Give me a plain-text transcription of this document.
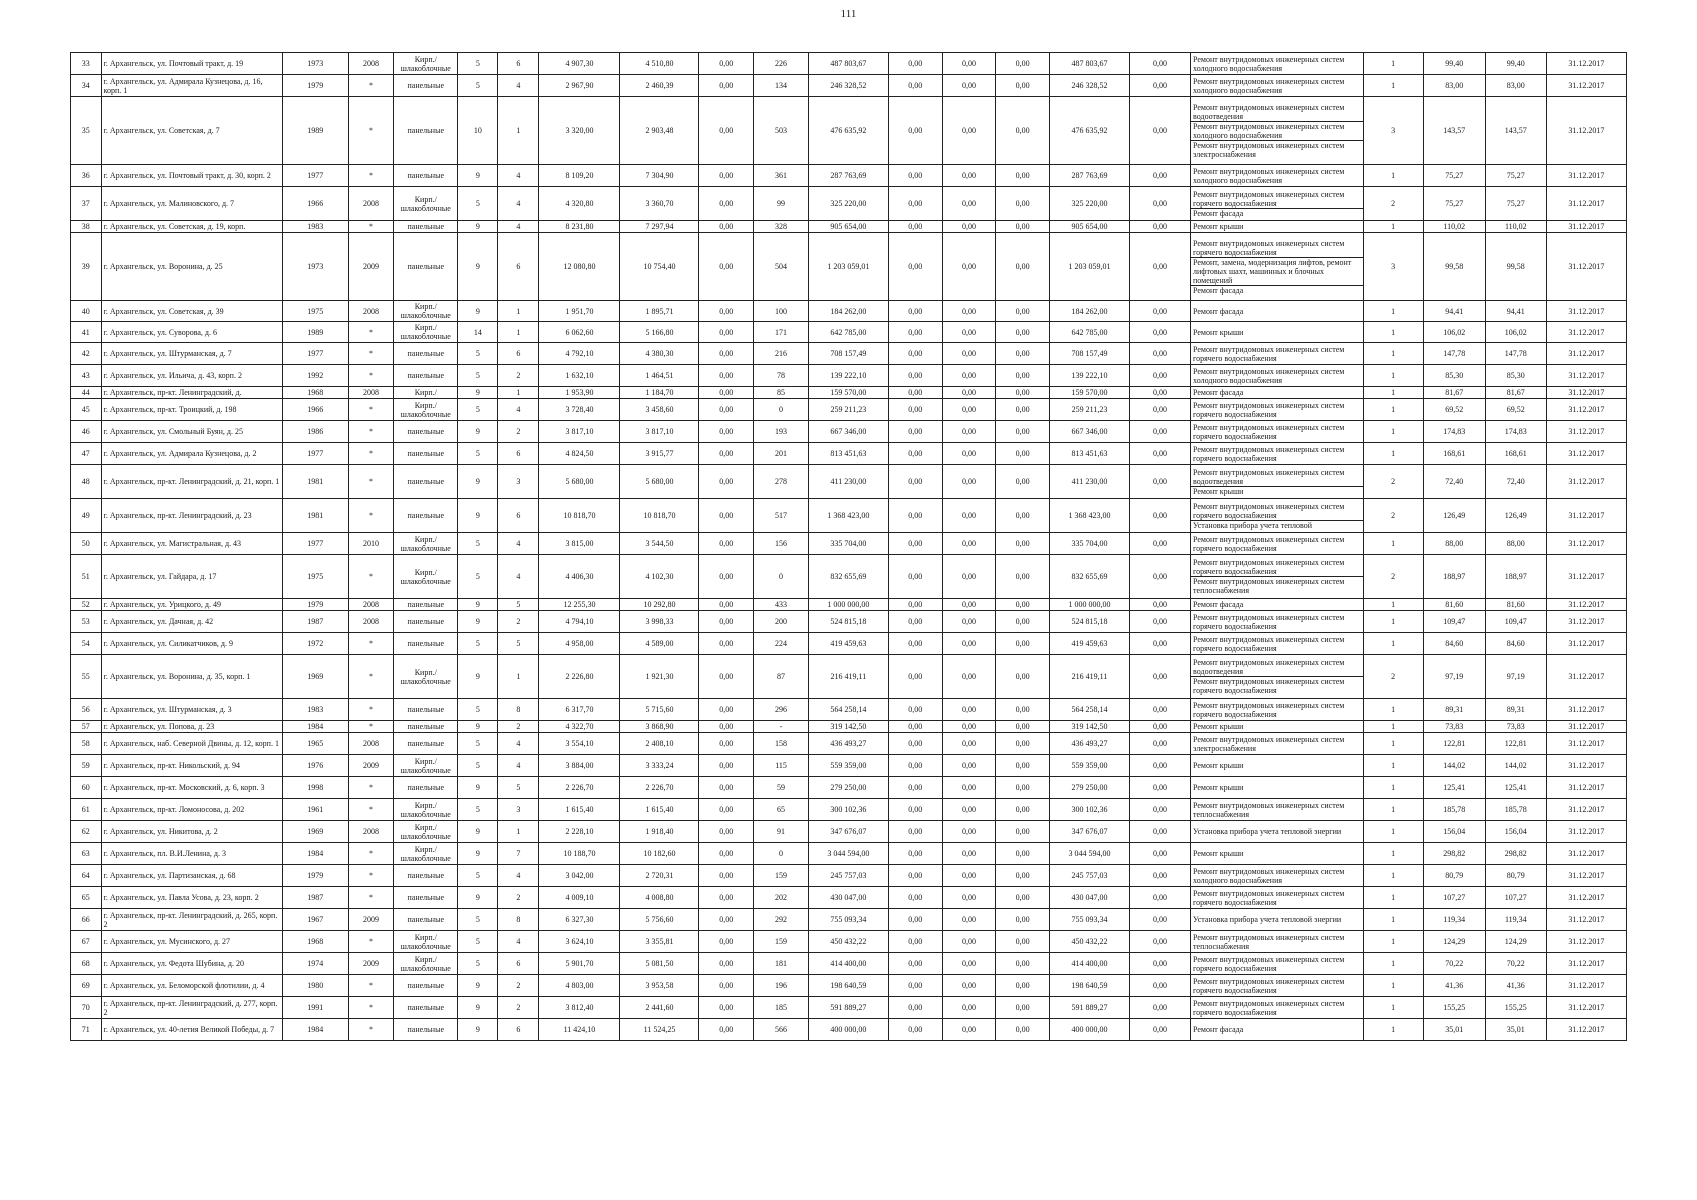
111
33	г. Архангельск, ул. Почтовый тракт, д. 19	1973	2008	Кирп./ шлакоблочные	5	6	4 907,30	4 510,80	0,00	226	487 803,67	0,00	0,00	0,00	487 803,67	0,00	Ремонт внутридомовых инженерных систем холодного водоснабжения	1	99,40	99,40	31.12.2017
34	г. Архангельск, ул. Адмирала Кузнецова, д. 16, корп. 1	1979	*	панельные	5	4	2 967,90	2 460,39	0,00	134	246 328,52	0,00	0,00	0,00	246 328,52	0,00	Ремонт внутридомовых инженерных систем холодного водоснабжения	1	83,00	83,00	31.12.2017
35	г. Архангельск, ул. Советская, д. 7	1989	*	панельные	10	1	3 320,00	2 903,48	0,00	503	476 635,92	0,00	0,00	0,00	476 635,92	0,00	Ремонт внутридомовых инженерных систем водоотведения
Ремонт внутридомовых инженерных систем холодного водоснабжения
Ремонт внутридомовых инженерных систем электроснабжения	3	143,57	143,57	31.12.2017
36	г. Архангельск, ул. Почтовый тракт, д. 30, корп. 2	1977	*	панельные	9	4	8 109,20	7 304,90	0,00	361	287 763,69	0,00	0,00	0,00	287 763,69	0,00	Ремонт внутридомовых инженерных систем холодного водоснабжения	1	75,27	75,27	31.12.2017
37	г. Архангельск, ул. Малиновского, д. 7	1966	2008	Кирп./ шлакоблочные	5	4	4 320,80	3 360,70	0,00	99	325 220,00	0,00	0,00	0,00	325 220,00	0,00	Ремонт внутридомовых инженерных систем горячего водоснабжения
Ремонт фасада	2	75,27	75,27	31.12.2017
38	г. Архангельск, ул. Советская, д. 19, корп.	1983	*	панельные	9	4	8 231,80	7 297,94	0,00	328	905 654,00	0,00	0,00	0,00	905 654,00	0,00	Ремонт крыши	1	110,02	110,02	31.12.2017
39	г. Архангельск, ул. Воронина, д. 25	1973	2009	панельные	9	6	12 080,80	10 754,40	0,00	504	1 203 059,01	0,00	0,00	0,00	1 203 059,01	0,00	Ремонт внутридомовых инженерных систем горячего водоснабжения
Ремонт, замена, модернизация лифтов, ремонт лифтовых шахт, машинных и блочных помещений
Ремонт фасада	3	99,58	99,58	31.12.2017
40	г. Архангельск, ул. Советская, д. 39	1975	2008	Кирп./ шлакоблочные	9	1	1 951,70	1 895,71	0,00	100	184 262,00	0,00	0,00	0,00	184 262,00	0,00	Ремонт фасада	1	94,41	94,41	31.12.2017
41	г. Архангельск, ул. Суворова, д. 6	1989	*	Кирп./ шлакоблочные	14	1	6 062,60	5 166,80	0,00	171	642 785,00	0,00	0,00	0,00	642 785,00	0,00	Ремонт крыши	1	106,02	106,02	31.12.2017
42	г. Архангельск, ул. Штурманская, д. 7	1977	*	панельные	5	6	4 792,10	4 380,30	0,00	216	708 157,49	0,00	0,00	0,00	708 157,49	0,00	Ремонт внутридомовых инженерных систем горячего водоснабжения	1	147,78	147,78	31.12.2017
43	г. Архангельск, ул. Ильича, д. 43, корп. 2	1992	*	панельные	5	2	1 632,10	1 464,51	0,00	78	139 222,10	0,00	0,00	0,00	139 222,10	0,00	Ремонт внутридомовых инженерных систем холодного водоснабжения	1	85,30	85,30	31.12.2017
44	г. Архангельск, пр-кт. Ленинградский, д.	1968	2008	Кирп./	9	1	1 953,90	1 184,70	0,00	85	159 570,00	0,00	0,00	0,00	159 570,00	0,00	Ремонт фасада	1	81,67	81,67	31.12.2017
45	г. Архангельск, пр-кт. Троицкий, д. 198	1966	*	Кирп./ шлакоблочные	5	4	3 728,40	3 458,60	0,00	0	259 211,23	0,00	0,00	0,00	259 211,23	0,00	Ремонт внутридомовых инженерных систем горячего водоснабжения	1	69,52	69,52	31.12.2017
46	г. Архангельск, ул. Смольный Буян, д. 25	1986	*	панельные	9	2	3 817,10	3 817,10	0,00	193	667 346,00	0,00	0,00	0,00	667 346,00	0,00	Ремонт внутридомовых инженерных систем горячего водоснабжения	1	174,83	174,83	31.12.2017
47	г. Архангельск, ул. Адмирала Кузнецова, д. 2	1977	*	панельные	5	6	4 824,50	3 915,77	0,00	201	813 451,63	0,00	0,00	0,00	813 451,63	0,00	Ремонт внутридомовых инженерных систем горячего водоснабжения	1	168,61	168,61	31.12.2017
48	г. Архангельск, пр-кт. Ленинградский, д. 21, корп. 1	1981	*	панельные	9	3	5 680,00	5 680,00	0,00	278	411 230,00	0,00	0,00	0,00	411 230,00	0,00	Ремонт внутридомовых инженерных систем водоотведения
Ремонт крыши	2	72,40	72,40	31.12.2017
49	г. Архангельск, пр-кт. Ленинградский, д. 23	1981	*	панельные	9	6	10 818,70	10 818,70	0,00	517	1 368 423,00	0,00	0,00	0,00	1 368 423,00	0,00	Ремонт внутридомовых инженерных систем горячего водоснабжения
Установка прибора учета тепловой	2	126,49	126,49	31.12.2017
50	г. Архангельск, ул. Магистральная, д. 43	1977	2010	Кирп./ шлакоблочные	5	4	3 815,00	3 544,50	0,00	156	335 704,00	0,00	0,00	0,00	335 704,00	0,00	Ремонт внутридомовых инженерных систем горячего водоснабжения	1	88,00	88,00	31.12.2017
51	г. Архангельск, ул. Гайдара, д. 17	1975	*	Кирп./ шлакоблочные	5	4	4 406,30	4 102,30	0,00	0	832 655,69	0,00	0,00	0,00	832 655,69	0,00	Ремонт внутридомовых инженерных систем горячего водоснабжения
Ремонт внутридомовых инженерных систем теплоснабжения	2	188,97	188,97	31.12.2017
52	г. Архангельск, ул. Урицкого, д. 49	1979	2008	панельные	9	5	12 255,30	10 292,80	0,00	433	1 000 000,00	0,00	0,00	0,00	1 000 000,00	0,00	Ремонт фасада	1	81,60	81,60	31.12.2017
53	г. Архангельск, ул. Дачная, д. 42	1987	2008	панельные	9	2	4 794,10	3 998,33	0,00	200	524 815,18	0,00	0,00	0,00	524 815,18	0,00	Ремонт внутридомовых инженерных систем горячего водоснабжения	1	109,47	109,47	31.12.2017
54	г. Архангельск, ул. Силикатчиков, д. 9	1972	*	панельные	5	5	4 958,00	4 589,00	0,00	224	419 459,63	0,00	0,00	0,00	419 459,63	0,00	Ремонт внутридомовых инженерных систем горячего водоснабжения	1	84,60	84,60	31.12.2017
55	г. Архангельск, ул. Воронина, д. 35, корп. 1	1969	*	Кирп./ шлакоблочные	9	1	2 226,80	1 921,30	0,00	87	216 419,11	0,00	0,00	0,00	216 419,11	0,00	Ремонт внутридомовых инженерных систем водоотведения
Ремонт внутридомовых инженерных систем горячего водоснабжения	2	97,19	97,19	31.12.2017
56	г. Архангельск, ул. Штурманская, д. 3	1983	*	панельные	5	8	6 317,70	5 715,60	0,00	296	564 258,14	0,00	0,00	0,00	564 258,14	0,00	Ремонт внутридомовых инженерных систем горячего водоснабжения	1	89,31	89,31	31.12.2017
57	г. Архангельск, ул. Попова, д. 23	1984	*	панельные	9	2	4 322,70	3 868,90	0,00	-	319 142,50	0,00	0,00	0,00	319 142,50	0,00	Ремонт крыши	1	73,83	73,83	31.12.2017
58	г. Архангельск, наб. Северной Двины, д. 12, корп. 1	1965	2008	панельные	5	4	3 554,10	2 408,10	0,00	158	436 493,27	0,00	0,00	0,00	436 493,27	0,00	Ремонт внутридомовых инженерных систем электроснабжения	1	122,81	122,81	31.12.2017
59	г. Архангельск, пр-кт. Никольский, д. 94	1976	2009	Кирп./ шлакоблочные	5	4	3 884,00	3 333,24	0,00	115	559 359,00	0,00	0,00	0,00	559 359,00	0,00	Ремонт крыши	1	144,02	144,02	31.12.2017
60	г. Архангельск, пр-кт. Московский, д. 6, корп. 3	1998	*	панельные	9	5	2 226,70	2 226,70	0,00	59	279 250,00	0,00	0,00	0,00	279 250,00	0,00	Ремонт крыши	1	125,41	125,41	31.12.2017
61	г. Архангельск, пр-кт. Ломоносова, д. 202	1961	*	Кирп./ шлакоблочные	5	3	1 615,40	1 615,40	0,00	65	300 102,36	0,00	0,00	0,00	300 102,36	0,00	Ремонт внутридомовых инженерных систем теплоснабжения	1	185,78	185,78	31.12.2017
62	г. Архангельск, ул. Никитова, д. 2	1969	2008	Кирп./ шлакоблочные	9	1	2 228,10	1 918,40	0,00	91	347 676,07	0,00	0,00	0,00	347 676,07	0,00	Установка прибора учета тепловой энергии	1	156,04	156,04	31.12.2017
63	г. Архангельск, пл. В.И.Ленина, д. 3	1984	*	Кирп./ шлакоблочные	9	7	10 188,70	10 182,60	0,00	0	3 044 594,00	0,00	0,00	0,00	3 044 594,00	0,00	Ремонт крыши	1	298,82	298,82	31.12.2017
64	г. Архангельск, ул. Партизанская, д. 68	1979	*	панельные	5	4	3 042,00	2 720,31	0,00	159	245 757,03	0,00	0,00	0,00	245 757,03	0,00	Ремонт внутридомовых инженерных систем холодного водоснабжения	1	80,79	80,79	31.12.2017
65	г. Архангельск, ул. Павла Усова, д. 23, корп. 2	1987	*	панельные	9	2	4 009,10	4 008,80	0,00	202	430 047,00	0,00	0,00	0,00	430 047,00	0,00	Ремонт внутридомовых инженерных систем горячего водоснабжения	1	107,27	107,27	31.12.2017
66	г. Архангельск, пр-кт. Ленинградский, д. 265, корп. 2	1967	2009	панельные	5	8	6 327,30	5 756,60	0,00	292	755 093,34	0,00	0,00	0,00	755 093,34	0,00	Установка прибора учета тепловой энергии	1	119,34	119,34	31.12.2017
67	г. Архангельск, ул. Мусинского, д. 27	1968	*	Кирп./ шлакоблочные	5	4	3 624,10	3 355,81	0,00	159	450 432,22	0,00	0,00	0,00	450 432,22	0,00	Ремонт внутридомовых инженерных систем теплоснабжения	1	124,29	124,29	31.12.2017
68	г. Архангельск, ул. Федота Шубина, д. 20	1974	2009	Кирп./ шлакоблочные	5	6	5 901,70	5 081,50	0,00	181	414 400,00	0,00	0,00	0,00	414 400,00	0,00	Ремонт внутридомовых инженерных систем горячего водоснабжения	1	70,22	70,22	31.12.2017
69	г. Архангельск, ул. Беломорской флотилии, д. 4	1980	*	панельные	9	2	4 803,00	3 953,58	0,00	196	198 640,59	0,00	0,00	0,00	198 640,59	0,00	Ремонт внутридомовых инженерных систем горячего водоснабжения	1	41,36	41,36	31.12.2017
70	г. Архангельск, пр-кт. Ленинградский, д. 277, корп. 2	1991	*	панельные	9	2	3 812,40	2 441,60	0,00	185	591 889,27	0,00	0,00	0,00	591 889,27	0,00	Ремонт внутридомовых инженерных систем горячего водоснабжения	1	155,25	155,25	31.12.2017
71	г. Архангельск, ул. 40-летия Великой Победы, д. 7	1984	*	панельные	9	6	11 424,10	11 524,25	0,00	566	400 000,00	0,00	0,00	0,00	400 000,00	0,00	Ремонт фасада	1	35,01	35,01	31.12.2017
